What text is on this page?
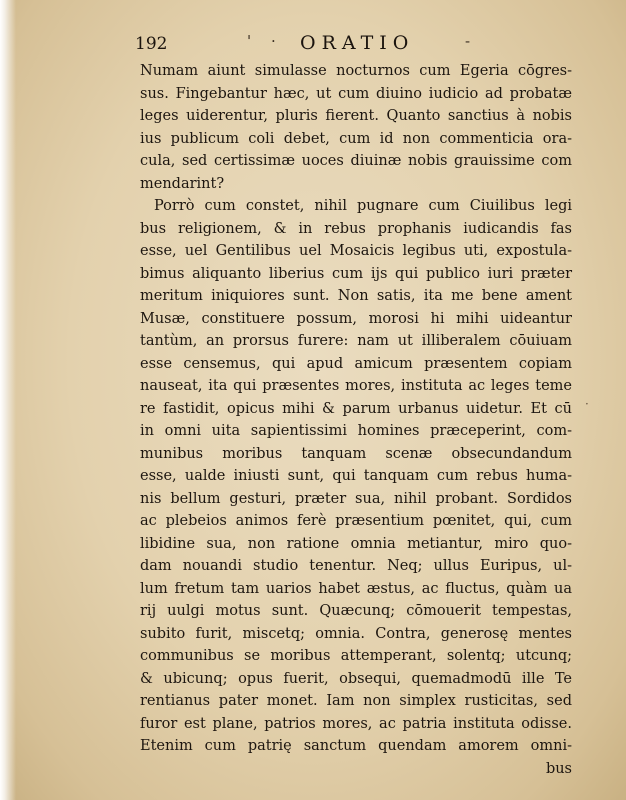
192	' · ORATIO	-
Numam aiunt simulasse nocturnos cum Egeria cōgres-
sus. Fingebantur hæc, ut cum diuino iudicio ad probatæ
leges uiderentur, pluris fierent. Quanto sanctius à nobis
ius publicum coli debet, cum id non commenticia ora-
cula, sed certissimæ uoces diuinæ nobis grauissime com
mendarint?
Porrò cum constet, nihil pugnare cum Ciuilibus legi
bus religionem, & in rebus prophanis iudicandis fas
esse, uel Gentilibus uel Mosaicis legibus uti, expostula-
bimus aliquanto liberius cum ijs qui publico iuri præter
meritum iniquiores sunt. Non satis, ita me bene ament
Musæ, constituere possum, morosi hi mihi uideantur
tantùm, an prorsus furere: nam ut illiberalem cōuiuam
esse censemus, qui apud amicum præsentem copiam
nauseat, ita qui præsentes mores, instituta ac leges teme
re fastidit, opicus mihi & parum urbanus uidetur. Et cū
in omni uita sapientissimi homines præceperint, com-
munibus moribus tanquam scenæ obsecundandum
esse, ualde iniusti sunt, qui tanquam cum rebus huma-
nis bellum gesturi, præter sua, nihil probant. Sordidos
ac plebeios animos ferè præsentium pœnitet, qui, cum
libidine sua, non ratione omnia metiantur, miro quo-
dam nouandi studio tenentur. Neq; ullus Euripus, ul-
lum fretum tam uarios habet æstus, ac fluctus, quàm ua
rij uulgi motus sunt. Quæcunq; cōmouerit tempestas,
subito furit, miscetq; omnia. Contra, generosę mentes
communibus se moribus attemperant, solentq; utcunq;
& ubicunq; opus fuerit, obsequi, quemadmodū ille Te
rentianus pater monet. Iam non simplex rusticitas, sed
furor est plane, patrios mores, ac patria instituta odisse.
Etenim cum patrię sanctum quendam amorem omni-
bus
·
